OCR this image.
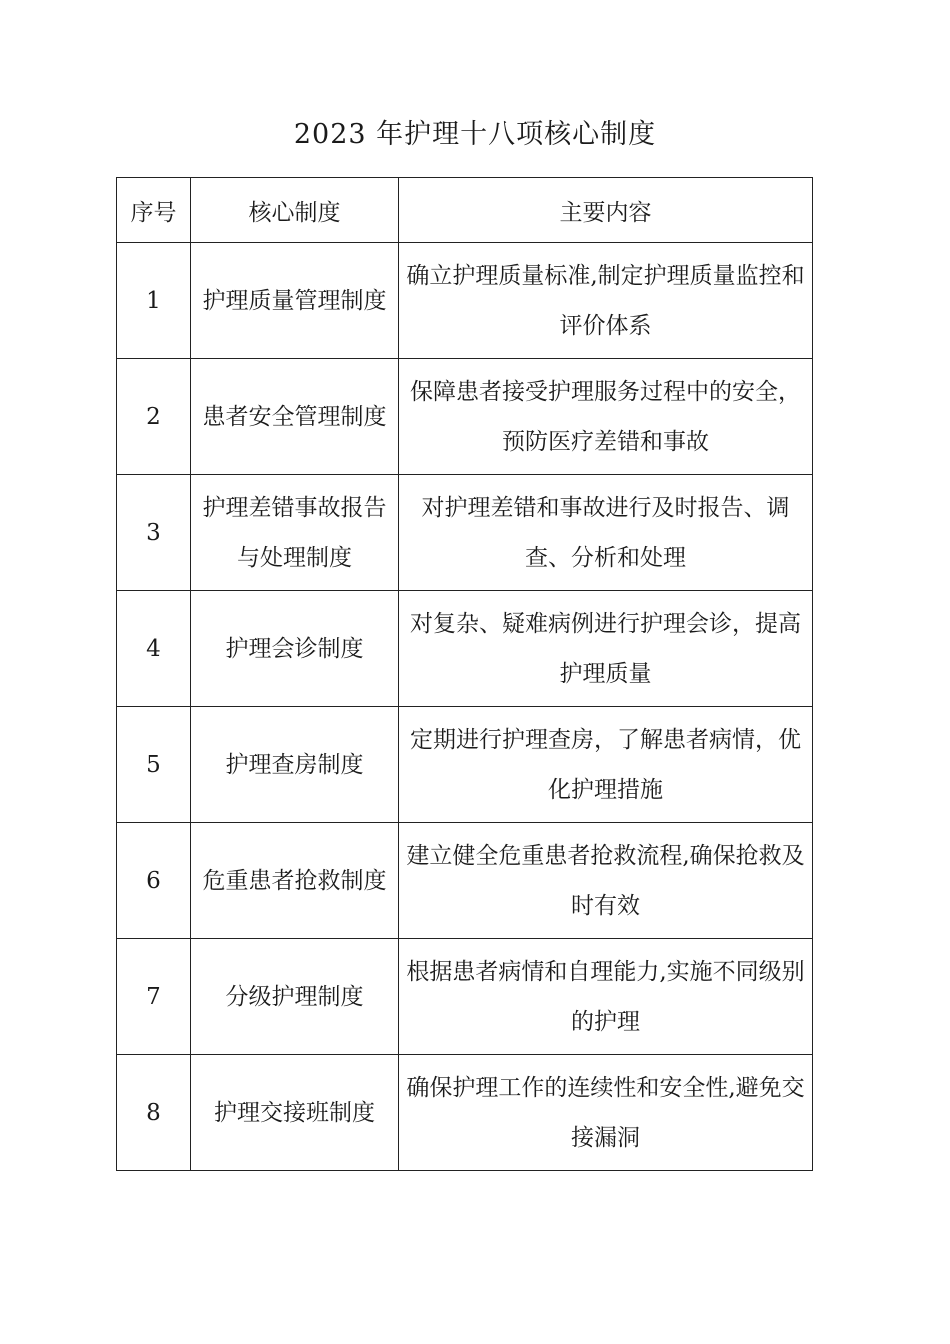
2023 年护理十八项核心制度
序号	核心制度	主要内容
1	护理质量管理制度	确立护理质量标准,制定护理质量监控和评价体系
2	患者安全管理制度	保障患者接受护理服务过程中的安全，预防医疗差错和事故
3	护理差错事故报告与处理制度	对护理差错和事故进行及时报告、调查、分析和处理
4	护理会诊制度	对复杂、疑难病例进行护理会诊，提高护理质量
5	护理查房制度	定期进行护理查房，了解患者病情，优化护理措施
6	危重患者抢救制度	建立健全危重患者抢救流程,确保抢救及时有效
7	分级护理制度	根据患者病情和自理能力,实施不同级别的护理
8	护理交接班制度	确保护理工作的连续性和安全性,避免交接漏洞
